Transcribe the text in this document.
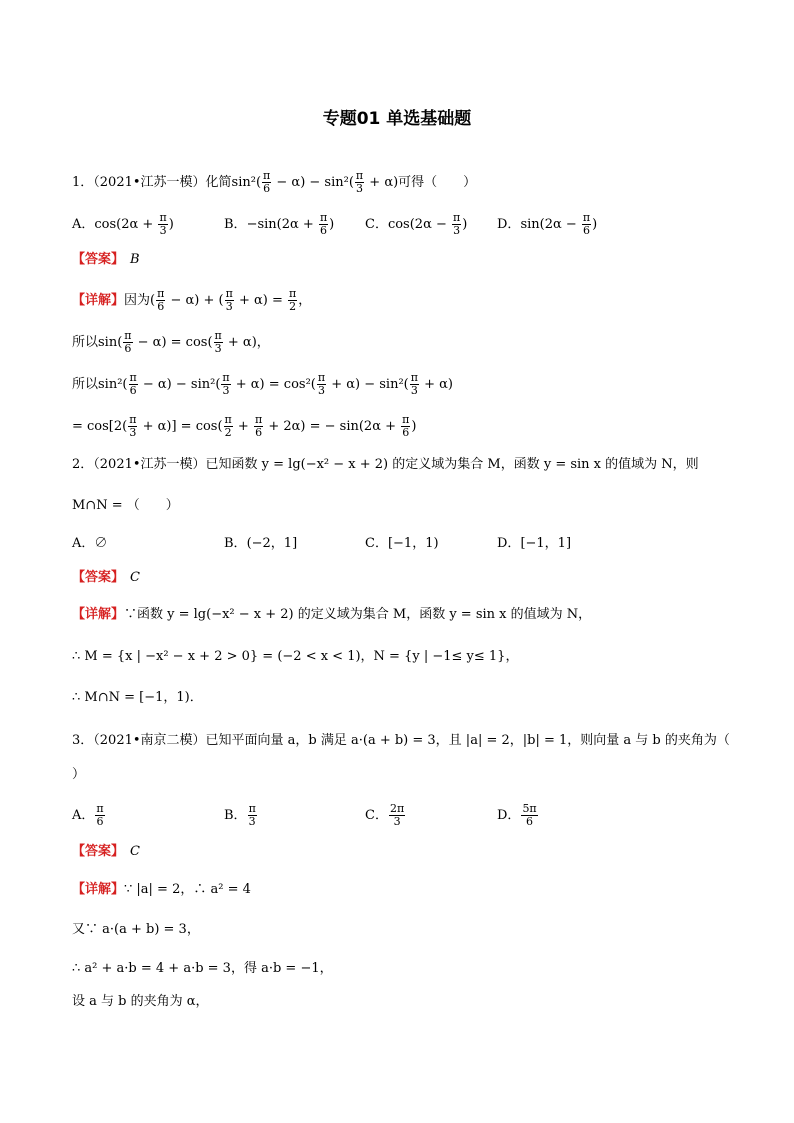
专题01 单选基础题
1．（2021•江苏一模）化简$\sin^2( \frac{\pi}{6} - \alpha) - \sin^2( \frac{\pi}{3} + \alpha)$可得（　　）
A．$\cos(2\alpha + \frac{\pi}{3}$ )	B．$-\sin(2\alpha + \frac{\pi}{6}$ ) C．$\cos(2\alpha - \frac{\pi}{3}$ ) D．$\sin(2\alpha - \frac{\pi}{6}$ )
【答案】 B
【详解】因为( $\frac{\pi}{6} - \alpha$) + ( $\frac{\pi}{3} + \alpha) = \frac{\pi}{2}$ ，
所以$\sin( \frac{\pi}{6} - \alpha) = \cos( \frac{\pi}{3} + \alpha)$，
所以$\sin^2( \frac{\pi}{6} - \alpha) - \sin^2( \frac{\pi}{3} + \alpha) = \cos^2( \frac{\pi}{3} + \alpha) - \sin^2( \frac{\pi}{3} + \alpha)$
= $\cos[2( \frac{\pi}{3} + \alpha)] = \cos( \frac{\pi}{2} + \frac{\pi}{6} + 2\alpha)$ = − $\sin(2\alpha + \frac{\pi}{6}$ )
2．（2021•江苏一模）已知函数 y = lg(−x² − x + 2) 的定义域为集合 M，函数 y = sin x 的值域为 N，则
M∩N = （　　）
A．∅	B．(−2，1]	C．[−1，1)	D．[−1，1]
【答案】 C
【详解】∵函数 y = lg(−x² − x + 2) 的定义域为集合 M，函数 y = sin x 的值域为 N，
∴ M = {x | −x² − x + 2 > 0} = (−2 < x < 1)，N = {y | −1≤ y≤ 1}，
∴ M∩N = [−1，1)．
3．（2021•南京二模）已知平面向量 a，b 满足 a·(a + b) = 3，且 |a| = 2，|b| = 1，则向量 a 与 b 的夹角为（
）
A． $\frac{\pi}{6}$	B． $\frac{\pi}{3}$	C． $\frac{2\pi}{3}$	D． $\frac{5\pi}{6}$
【答案】 C
【详解】∵ |a| = 2，∴ a² = 4
又∵ a·(a + b) = 3，
∴ a² + a·b = 4 + a·b = 3，得 a·b = −1，
设 a 与 b 的夹角为 α，
